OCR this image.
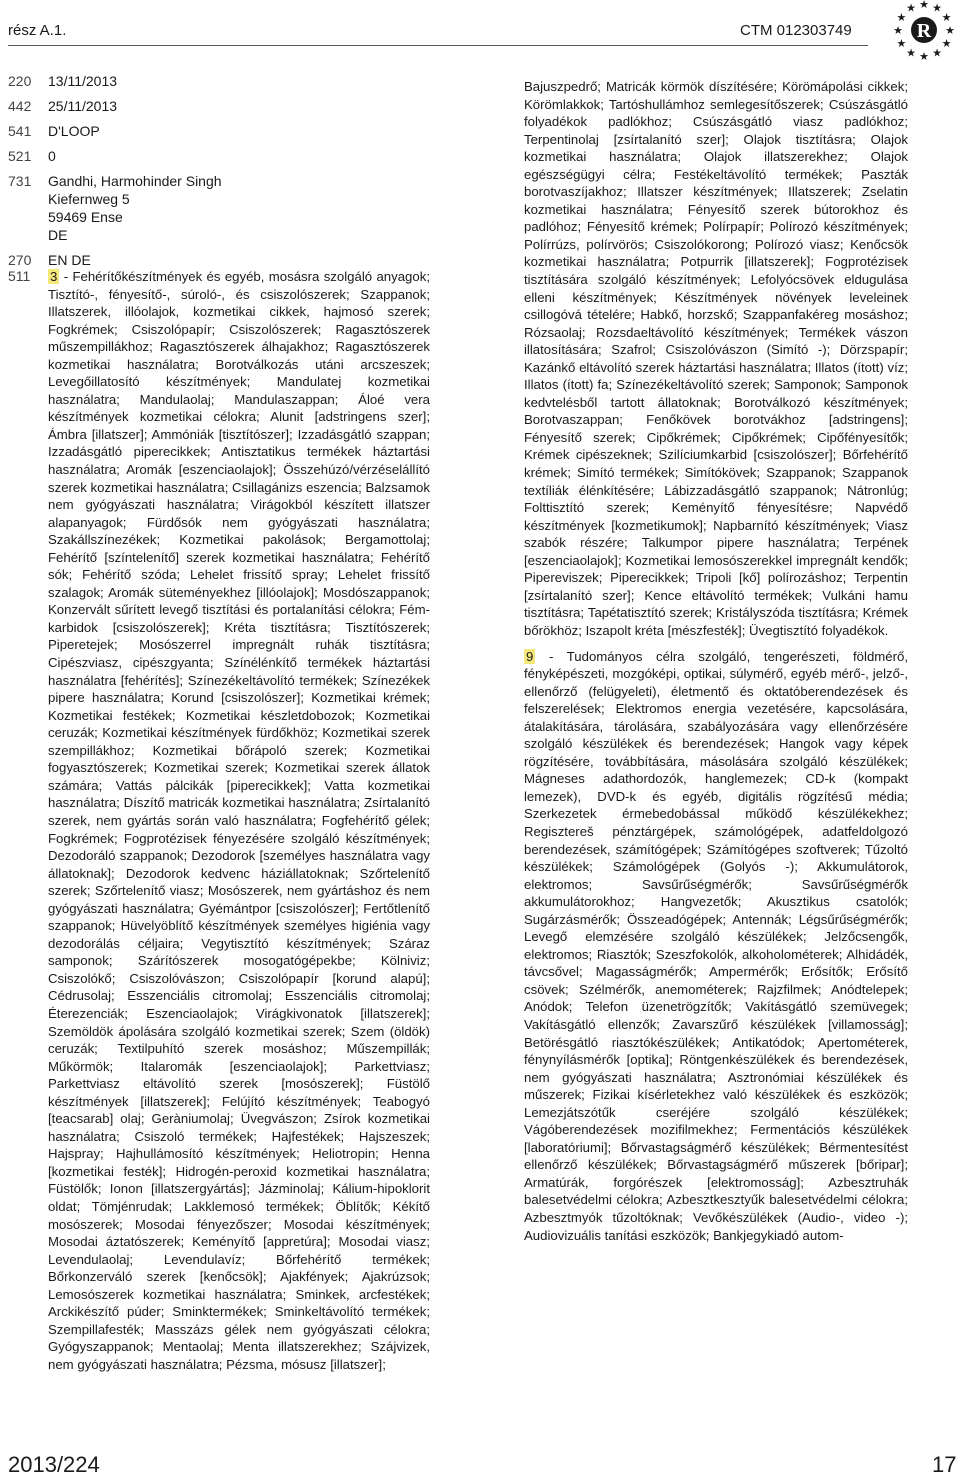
rész A.1.	CTM 012303749	★
★
★
★
★
★
★
★
★ ★ ★
★
R
220	13/11/2013
442	25/11/2013
541	D'LOOP
521	0
731	Gandhi, Harmohinder Singh
Kiefernweg 5
59469 Ense
DE
270	EN DE
511 3 - Fehérítőkészítmények és egyéb, mosásra szolgáló anyagok; Tisztító-, fényesítő-, súroló-, és csiszolószerek; Szappanok; Illatszerek, illóolajok, kozmetikai cikkek, hajmosó szerek; Fogkrémek; Csiszolópapír; Csiszolószerek; Ragasztószerek műszempillákhoz; Ragasztószerek álhajakhoz; Ragasztószerek kozmetikai használatra; Borotválkozás utáni arcszeszek; Levegőillatosító készítmények; Mandulatej kozmetikai használatra; Mandulaolaj; Mandulaszappan; Áloé vera készítmények kozmetikai célokra; Alunit [adstringens szer]; Ámbra [illatszer]; Ammóniák [tisztítószer]; Izzadásgátló szappan; Izzadásgátló piperecikkek; Antisztatikus termékek háztartási használatra; Aromák [eszenciaolajok]; Összehúzó/vérzéselállító szerek kozmetikai használatra; Csillagánizs eszencia; Balzsamok nem gyógyászati használatra; Virágokból készített illatszer alapanyagok; Fürdősók nem gyógyászati használatra; Szakállszínezékek; Kozmetikai pakolások; Bergamottolaj; Fehérítő [színtelenítő] szerek kozmetikai használatra; Fehérítő sók; Fehérítő szóda; Lehelet frissítő spray; Lehelet frissítő szalagok; Aromák süteményekhez [illóolajok]; Mosdószappanok; Konzervált sűrített levegő tisztítási és portalanítási célokra; Fém-karbidok [csiszolószerek]; Kréta tisztításra; Tisztítószerek; Piperetejek; Mosószerrel impregnált ruhák tisztításra; Cipészviasz, cipészgyanta; Színélénkítő termékek háztartási használatra [fehérítés]; Színezékeltávolító termékek; Színezékek pipere használatra; Korund [csiszolószer]; Kozmetikai krémek; Kozmetikai festékek; Kozmetikai készletdobozok; Kozmetikai ceruzák; Kozmetikai készítmények fürdőkhöz; Kozmetikai szerek szempillákhoz; Kozmetikai bőrápoló szerek; Kozmetikai fogyasztószerek; Kozmetikai szerek; Kozmetikai szerek állatok számára; Vattás pálcikák [piperecikkek]; Vatta kozmetikai használatra; Díszítő matricák kozmetikai használatra; Zsírtalanító szerek, nem gyártás során való használatra; Fogfehérítő gélek; Fogkrémek; Fogprotézisek fényezésére szolgáló készítmények; Dezodoráló szappanok; Dezodorok [személyes használatra vagy állatoknak]; Dezodorok kedvenc háziállatoknak; Szőrtelenítő szerek; Szőrtelenítő viasz; Mosószerek, nem gyártáshoz és nem gyógyászati használatra; Gyémántpor [csiszolószer]; Fertőtlenítő szappanok; Hüvelyöblítő készítmények személyes higiénia vagy dezodorálás céljaira; Vegytisztító készítmények; Száraz samponok; Szárítószerek mosogatógépekbe; Kölniviz; Csiszolókő; Csiszolóvászon; Csiszolópapír [korund alapú]; Cédrusolaj; Esszenciális citromolaj; Esszenciális citromolaj; Éterezenciák; Eszenciaolajok; Virágkivonatok [illatszerek]; Szemöldök ápolására szolgáló kozmetikai szerek; Szem (öldök) ceruzák; Textilpuhító szerek mosáshoz; Műszempillák; Műkörmök; Italaromák [eszenciaolajok]; Parkettviasz; Parkettviasz eltávolító szerek [mosószerek]; Füstölő készítmények [illatszerek]; Felújító készítmények; Teabogyó [teacsarab] olaj; Geràniumolaj; Üvegvászon; Zsírok kozmetikai használatra; Csiszoló termékek; Hajfestékek; Hajszeszek; Hajspray; Hajhullámosító készítmények; Heliotropin; Henna [kozmetikai festék]; Hidrogén-peroxid kozmetikai használatra; Füstölők; Ionon [illatszergyártás]; Jázminolaj; Kálium-hipoklorit oldat; Tömjénrudak; Lakklemosó termékek; Öblítők; Kékítő mosószerek; Mosodai fényezőszer; Mosodai készítmények; Mosodai áztatószerek; Keményítő [appretúra]; Mosodai viasz; Levendulaolaj; Levendulavíz; Bőrfehérítő termékek; Bőrkonzerváló szerek [kenőcsök]; Ajakfények; Ajakrúzsok; Lemosószerek kozmetikai használatra; Sminkek, arcfestékek; Arckikészítő púder; Sminktermékek; Sminkeltávolító termékek; Szempillafesték; Masszázs gélek nem gyógyászati célokra; Gyógyszappanok; Mentaolaj; Menta illatszerekhez; Szájvizek, nem gyógyászati használatra; Pézsma, mósusz [illatszer];

Bajuszpedrő; Matricák körmök díszítésére; Körömápolási cikkek; Körömlakkok; Tartóshullámhoz semlegesítőszerek; Csúszásgátló folyadékok padlókhoz; Csúszásgátló viasz padlókhoz; Terpentinolaj [zsírtalanító szer]; Olajok tisztításra; Olajok kozmetikai használatra; Olajok illatszerekhez; Olajok egészségügyi célra; Festékeltávolító termékek; Paszták borotvaszíjakhoz; Illatszer készítmények; Illatszerek; Zselatin kozmetikai használatra; Fényesítő szerek bútorokhoz és padlóhoz; Fényesítő krémek; Polírpapír; Polírozó készítmények; Polírrúzs, polírvörös; Csiszolókorong; Polírozó viasz; Kenőcsök kozmetikai használatra; Potpurrik [illatszerek]; Fogprotézisek tisztítására szolgáló készítmények; Lefolyócsövek eldugulása elleni készítmények; Készítmények növények leveleinek csillogóvá tételére; Habkő, horzskő; Szappanfakéreg mosáshoz; Rózsaolaj; Rozsdaeltávolító készítmények; Termékek vászon illatosítására; Szafrol; Csiszolóvászon (Simító -); Dörzspapír; Kazánkő eltávolító szerek háztartási használatra; Illatos (ított) víz; Illatos (ított) fa; Színezékeltávolító szerek; Samponok; Samponok kedvtelésből tartott állatoknak; Borotválkozó készítmények; Borotvaszappan; Fenőkövek borotvákhoz [adstringens]; Fényesítő szerek; Cipőkrémek; Cipőkrémek; Cipőfényesítők; Krémek cipészeknek; Szilíciumkarbid [csiszolószer]; Bőrfehérítő krémek; Simító termékek; Simítókövek; Szappanok; Szappanok textíliák élénkítésére; Lábizzadásgátló szappanok; Nátronlúg; Folttisztító szerek; Keményítő fényesítésre; Napvédő készítmények [kozmetikumok]; Napbarnító készítmények; Viasz szabók részére; Talkumpor pipere használatra; Terpének [eszenciaolajok]; Kozmetikai lemosószerekkel impregnált kendők; Pipereviszek; Piperecikkek; Tripoli [kő] polírozáshoz; Terpentin [zsírtalanító szer]; Kence eltávolító termékek; Vulkáni hamu tisztításra; Tapétatisztító szerek; Kristályszóda tisztításra; Krémek bőrökhöz; Iszapolt kréta [mészfesték]; Üvegtisztító folyadékok.

9 - Tudományos célra szolgáló, tengerészeti, földmérő, fényképészeti, mozgóképi, optikai, súlymérő, egyéb mérő-, jelző-, ellenőrző (felügyeleti), életmentő és oktatóberendezések és felszerelések; Elektromos energia vezetésére, kapcsolására, átalakítására, tárolására, szabályozására vagy ellenőrzésére szolgáló készülékek és berendezések; Hangok vagy képek rögzítésére, továbbítására, másolására szolgáló készülékek; Mágneses adathordozók, hanglemezek; CD-k (kompakt lemezek), DVD-k és egyéb, digitális rögzítésű média; Szerkezetek érmebedobással működő készülékekhez; Regisztereš pénztárgépek, számológépek, adatfeldolgozó berendezések, számítógépek; Számítógépes szoftverek; Tűzoltó készülékek; Számológépek (Golyós -); Akkumulátorok, elektromos; Savsűrűségmérők; Savsűrűségmérők akkumulátorokhoz; Hangvezetők; Akusztikus csatolók; Sugárzásmérők; Összeadógépek; Antennák; Légsűrűségmérők; Levegő elemzésére szolgáló készülékek; Jelzőcsengők, elektromos; Riasztók; Szeszfokolók, alkoholométerek; Alhidádék, távcsővel; Magasságmérők; Ampermérők; Erősítők; Erősítő csövek; Szélmérők, anemométerek; Rajzfilmek; Anódtelepek; Anódok; Telefon üzenetrögzítők; Vakításgátló szemüvegek; Vakításgátló ellenzők; Zavarszűrő készülékek [villamosság]; Betörésgátló riasztókészülékek; Antikatódok; Apertométerek, fénynyílásmérők [optika]; Röntgenkészülékek és berendezések, nem gyógyászati használatra; Asztronómiai készülékek és műszerek; Fizikai kísérletekhez való készülékek és eszközök; Lemezjátszótűk cseréjére szolgáló készülékek; Vágóberendezések mozifilmekhez; Fermentációs készülékek [laboratóriumi]; Bőrvastagságmérő készülékek; Bérmentesítést ellenőrző készülékek; Bőrvastagságmérő műszerek [bőripar]; Armatúrák, forgórészek [elektromosság]; Azbesztruhák balesetvédelmi célokra; Azbesztkesztyűk balesetvédelmi célokra; Azbesztmyók tűzoltóknak; Vevőkészülékek (Audio-, video -); Audiovizuális tanítási eszközök; Bankjegykiadó autom-

2013/224	17
